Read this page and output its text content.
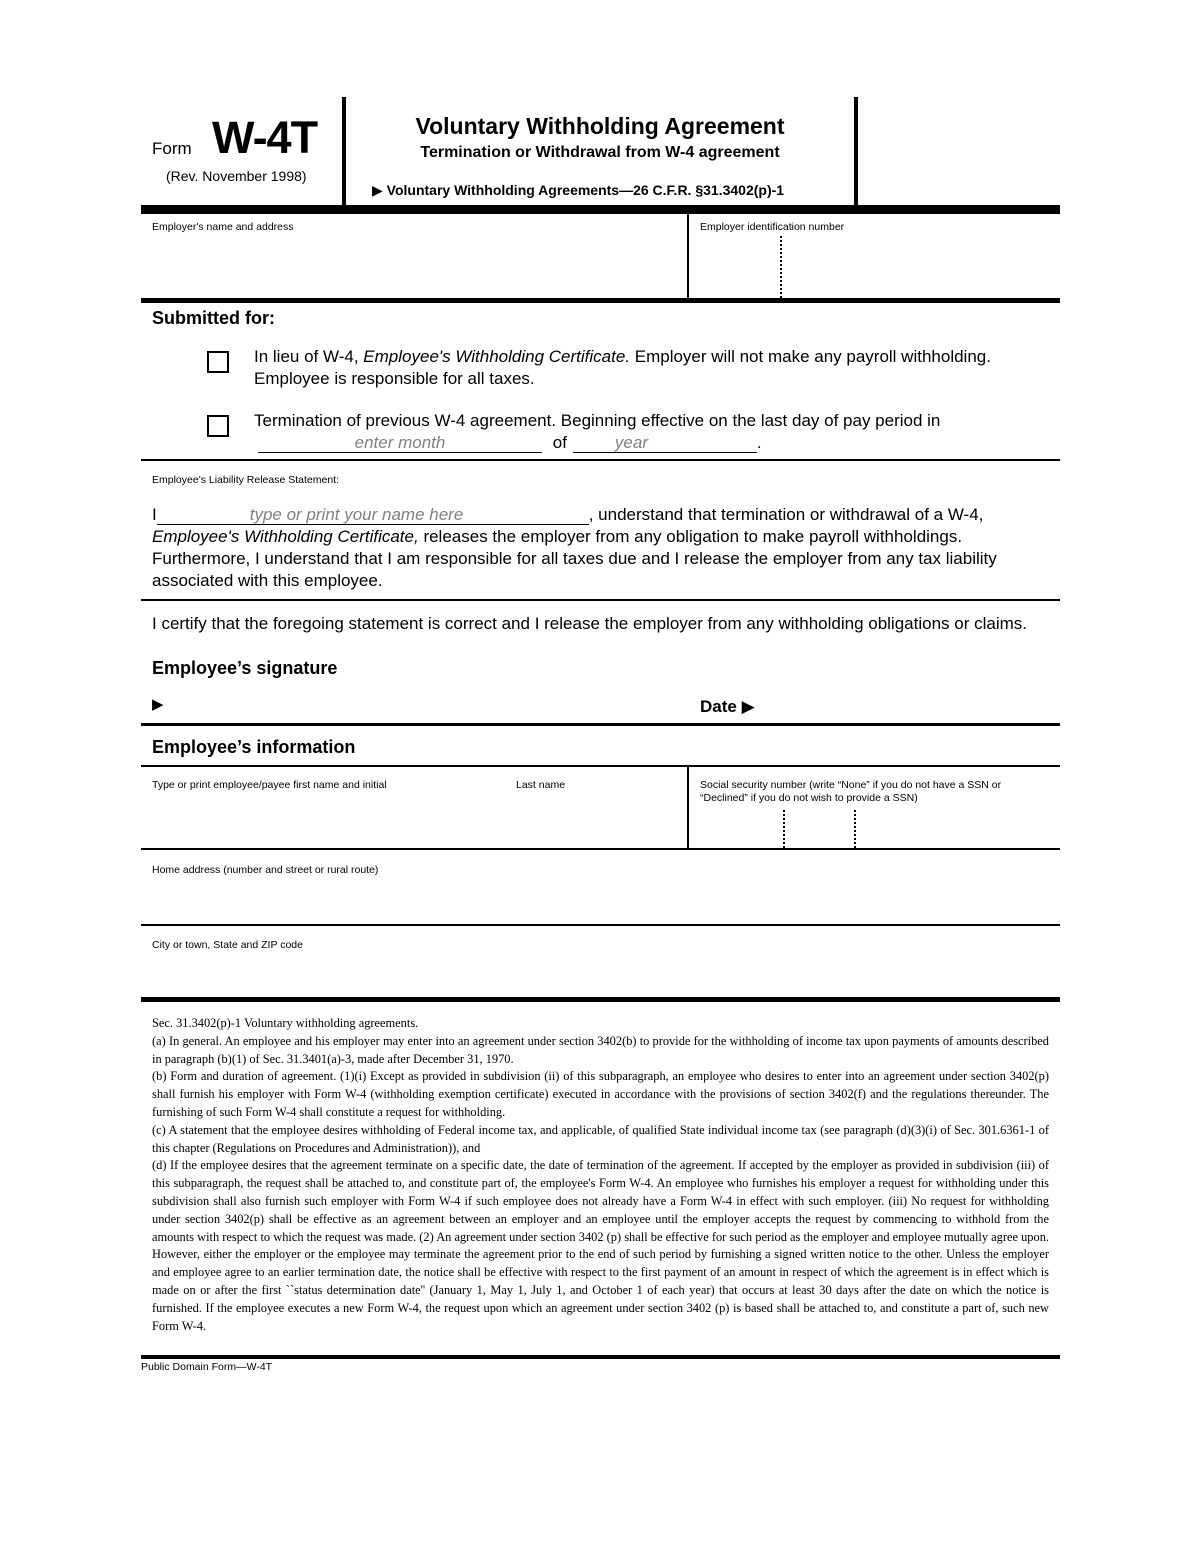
Form W-4T
(Rev. November 1998)
Voluntary Withholding Agreement
Termination or Withdrawal from W-4 agreement
▶ Voluntary Withholding Agreements—26 C.F.R. §31.3402(p)-1
Employer's name and address	Employer identification number
Submitted for:
In lieu of W-4, Employee's Withholding Certificate. Employer will not make any payroll withholding. Employee is responsible for all taxes.
Termination of previous W-4 agreement. Beginning effective on the last day of pay period in
enter month	of	year	.
Employee's Liability Release Statement:
I	type or print your name here	, understand that termination or withdrawal of a W-4, Employee's Withholding Certificate, releases the employer from any obligation to make payroll withholdings. Furthermore, I understand that I am responsible for all taxes due and I release the employer from any tax liability associated with this employee.
I certify that the foregoing statement is correct and I release the employer from any withholding obligations or claims.
Employee’s signature
▶	Date ▶
Employee’s information
Type or print employee/payee first name and initial	Last name	Social security number (write “None” if you do not have a SSN or “Declined” if you do not wish to provide a SSN)
Home address (number and street or rural route)
City or town, State and ZIP code

Sec. 31.3402(p)-1 Voluntary withholding agreements.

(a) In general. An employee and his employer may enter into an agreement under section 3402(b) to provide for the withholding of income tax upon payments of amounts described in paragraph (b)(1) of Sec. 31.3401(a)-3, made after December 31, 1970.

(b) Form and duration of agreement. (1)(i) Except as provided in subdivision (ii) of this subparagraph, an employee who desires to enter into an agreement under section 3402(p) shall furnish his employer with Form W-4 (withholding exemption certificate) executed in accordance with the provisions of section 3402(f) and the regulations thereunder. The furnishing of such Form W-4 shall constitute a request for withholding.

(c) A statement that the employee desires withholding of Federal income tax, and applicable, of qualified State individual income tax (see paragraph (d)(3)(i) of Sec. 301.6361-1 of this chapter (Regulations on Procedures and Administration)), and

(d) If the employee desires that the agreement terminate on a specific date, the date of termination of the agreement. If accepted by the employer as provided in subdivision (iii) of this subparagraph, the request shall be attached to, and constitute part of, the employee's Form W-4. An employee who furnishes his employer a request for withholding under this subdivision shall also furnish such employer with Form W-4 if such employee does not already have a Form W-4 in effect with such employer. (iii) No request for withholding under section 3402(p) shall be effective as an agreement between an employer and an employee until the employer accepts the request by commencing to withhold from the amounts with respect to which the request was made. (2) An agreement under section 3402 (p) shall be effective for such period as the employer and employee mutually agree upon. However, either the employer or the employee may terminate the agreement prior to the end of such period by furnishing a signed written notice to the other. Unless the employer and employee agree to an earlier termination date, the notice shall be effective with respect to the first payment of an amount in respect of which the agreement is in effect which is made on or after the first ``status determination date'' (January 1, May 1, July 1, and October 1 of each year) that occurs at least 30 days after the date on which the notice is furnished. If the employee executes a new Form W-4, the request upon which an agreement under section 3402 (p) is based shall be attached to, and constitute a part of, such new Form W-4.

Public Domain Form—W-4T
